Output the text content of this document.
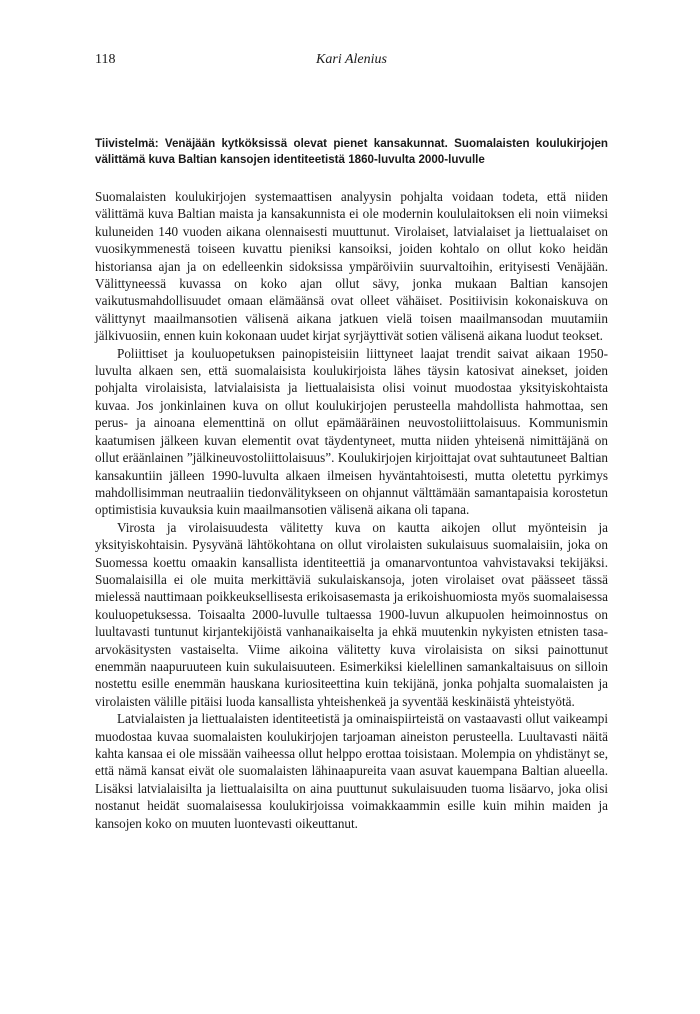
118	Kari Alenius
Tiivistelmä: Venäjään kytköksissä olevat pienet kansakunnat. Suomalaisten koulukirjojen välittämä kuva Baltian kansojen identiteetistä 1860-luvulta 2000-luvulle

Suomalaisten koulukirjojen systemaattisen analyysin pohjalta voidaan todeta, että niiden välittämä kuva Baltian maista ja kansakunnista ei ole modernin koululaitoksen eli noin viimeksi kuluneiden 140 vuoden aikana olennaisesti muuttunut. Virolaiset, latvialaiset ja liettualaiset on vuosikymmenestä toiseen kuvattu pieniksi kansoiksi, joiden kohtalo on ollut koko heidän historiansa ajan ja on edelleenkin sidoksissa ympäröiviin suurvaltoihin, erityisesti Venäjään. Välittyneessä kuvassa on koko ajan ollut sävy, jonka mukaan Baltian kansojen vaikutusmahdollisuudet omaan elämäänsä ovat olleet vähäiset. Positiivisin kokonaiskuva on välittynyt maailmansotien välisenä aikana jatkuen vielä toisen maailmansodan muutamiin jälkivuosiin, ennen kuin kokonaan uudet kirjat syrjäyttivät sotien välisenä aikana luodut teokset.

Poliittiset ja kouluopetuksen painopisteisiin liittyneet laajat trendit saivat aikaan 1950-luvulta alkaen sen, että suomalaisista koulukirjoista lähes täysin katosivat ainekset, joiden pohjalta virolaisista, latvialaisista ja liettualaisista olisi voinut muodostaa yksityiskohtaista kuvaa. Jos jonkinlainen kuva on ollut koulukirjojen perusteella mahdollista hahmottaa, sen perus- ja ainoana elementtinä on ollut epämääräinen neuvostoliittolaisuus. Kommunismin kaatumisen jälkeen kuvan elementit ovat täydentyneet, mutta niiden yhteisenä nimittäjänä on ollut eräänlainen ”jälkineuvostoliittolaisuus”. Koulukirjojen kirjoittajat ovat suhtautuneet Baltian kansakuntiin jälleen 1990-luvulta alkaen ilmeisen hyväntahtoisesti, mutta oletettu pyrkimys mahdollisimman neutraaliin tiedonvälitykseen on ohjannut välttämään samantapaisia korostetun optimistisia kuvauksia kuin maailmansotien välisenä aikana oli tapana.

Virosta ja virolaisuudesta välitetty kuva on kautta aikojen ollut myönteisin ja yksityiskohtaisin. Pysyvänä lähtökohtana on ollut virolaisten sukulaisuus suomalaisiin, joka on Suomessa koettu omaakin kansallista identiteettiä ja omanarvontuntoa vahvistavaksi tekijäksi. Suomalaisilla ei ole muita merkittäviä sukulaiskansoja, joten virolaiset ovat päässeet tässä mielessä nauttimaan poikkeuksellisesta erikoisasemasta ja erikoishuomiosta myös suomalaisessa kouluopetuksessa. Toisaalta 2000-luvulle tultaessa 1900-luvun alkupuolen heimoinnostus on luultavasti tuntunut kirjantekijöistä vanhanaikaiselta ja ehkä muutenkin nykyisten etnisten tasa-arvokäsitysten vastaiselta. Viime aikoina välitetty kuva virolaisista on siksi painottunut enemmän naapuruuteen kuin sukulaisuuteen. Esimerkiksi kielellinen samankaltaisuus on silloin nostettu esille enemmän hauskana kuriositeettina kuin tekijänä, jonka pohjalta suomalaisten ja virolaisten välille pitäisi luoda kansallista yhteishenkeä ja syventää keskinäistä yhteistyötä.

Latvialaisten ja liettualaisten identiteetistä ja ominaispiirteistä on vastaavasti ollut vaikeampi muodostaa kuvaa suomalaisten koulukirjojen tarjoaman aineiston perusteella. Luultavasti näitä kahta kansaa ei ole missään vaiheessa ollut helppo erottaa toisistaan. Molempia on yhdistänyt se, että nämä kansat eivät ole suomalaisten lähinaapureita vaan asuvat kauempana Baltian alueella. Lisäksi latvialaisilta ja liettualaisilta on aina puuttunut sukulaisuuden tuoma lisäarvo, joka olisi nostanut heidät suomalaisessa koulukirjoissa voimakkaammin esille kuin mihin maiden ja kansojen koko on muuten luontevasti oikeuttanut.
